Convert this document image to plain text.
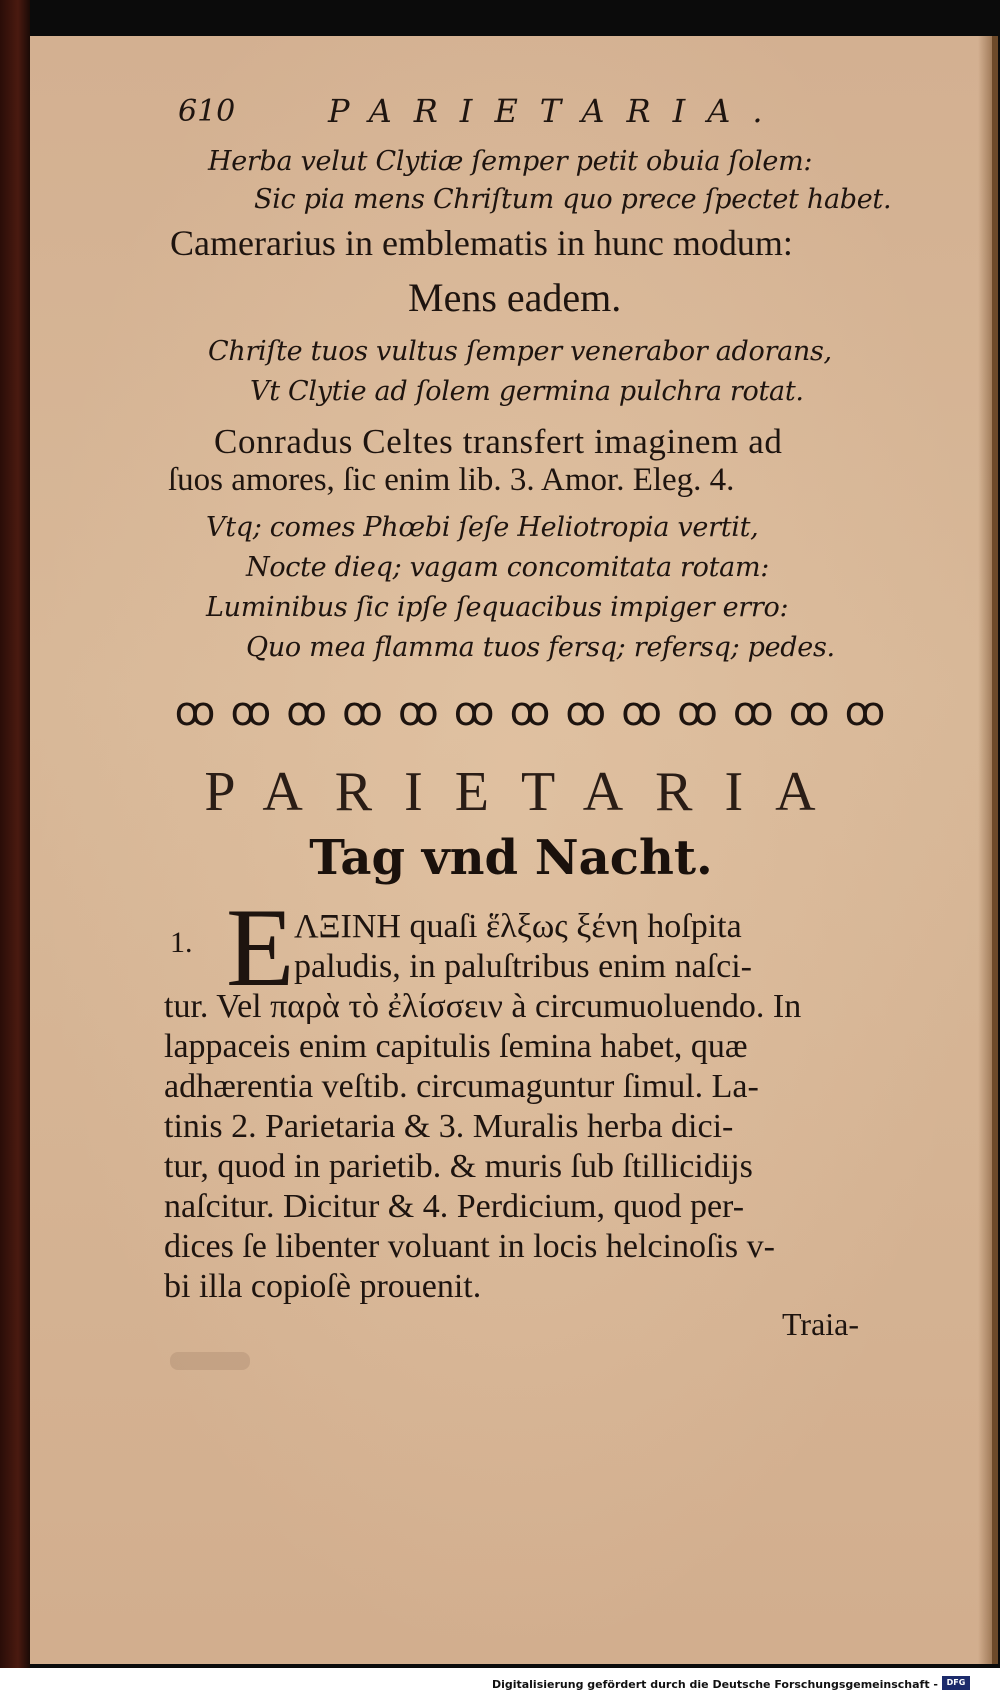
610	PARIETARIA.
Herba velut Clytiæ ſemper petit obuia ſolem:
Sic pia mens Chriſtum quo prece ſpectet habet.
Camerarius in emblematis in hunc modum:
Mens eadem.
Chriſte tuos vultus ſemper venerabor adorans,
Vt Clytie ad ſolem germina pulchra rotat.
Conradus Celtes transfert imaginem ad
ſuos amores, ſic enim lib. 3. Amor. Eleg. 4.
Vtq; comes Phœbi ſeſe Heliotropia vertit,
Nocte dieq; vagam concomitata rotam:
Luminibus ſic ipſe ſequacibus impiger erro:
Quo mea flamma tuos fersq; refersq; pedes.
ꝏ ꝏ ꝏ ꝏ ꝏ ꝏ ꝏ ꝏ ꝏ ꝏ ꝏ ꝏ ꝏ
PARIETARIA
Tag vnd Nacht.
1. E ΛΞΙΝΗ quaſi ἕλξως ξένη hoſpita
paludis, in paluſtribus enim naſci-
tur. Vel παρὰ τὸ ἐλίσσειν à circumuoluendo. In
lappaceis enim capitulis ſemina habet, quæ
adhærentia veſtib. circumaguntur ſimul. La-
tinis 2. Parietaria & 3. Muralis herba dici-
tur, quod in parietib. & muris ſub ſtillicidijs
naſcitur. Dicitur & 4. Perdicium, quod per-
dices ſe libenter voluant in locis helcinoſis v-
bi illa copioſè prouenit.
Traia-
Digitalisierung gefördert durch die Deutsche Forschungsgemeinschaft -	DFG
